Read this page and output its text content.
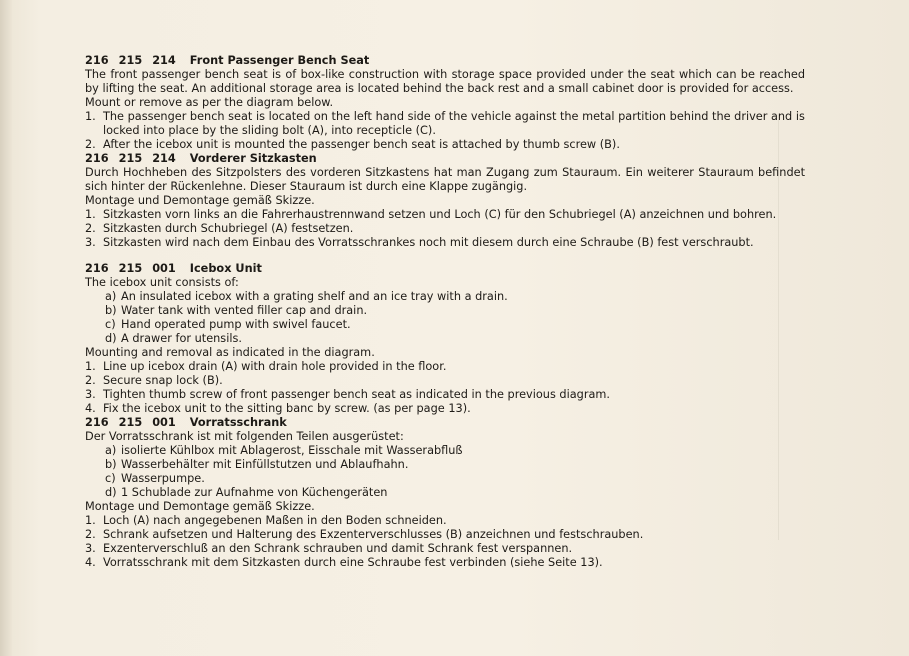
216 215 214 Front Passenger Bench Seat

The front passenger bench seat is of box-like construction with storage space provided under the seat which can be reached by lifting the seat. An additional storage area is located behind the back rest and a small cabinet door is provided for access.

Mount or remove as per the diagram below.

1. The passenger bench seat is located on the left hand side of the vehicle against the metal partition behind the driver and is locked into place by the sliding bolt (A), into recepticle (C).
2. After the icebox unit is mounted the passenger bench seat is attached by thumb screw (B).
216 215 214 Vorderer Sitzkasten

Durch Hochheben des Sitzpolsters des vorderen Sitzkastens hat man Zugang zum Stauraum. Ein weiterer Stauraum befindet sich hinter der Rückenlehne. Dieser Stauraum ist durch eine Klappe zugängig.

Montage und Demontage gemäß Skizze.

1. Sitzkasten vorn links an die Fahrerhaustrennwand setzen und Loch (C) für den Schubriegel (A) anzeichnen und bohren.
2. Sitzkasten durch Schubriegel (A) festsetzen.
3. Sitzkasten wird nach dem Einbau des Vorratsschrankes noch mit diesem durch eine Schraube (B) fest verschraubt.
216 215 001 Icebox Unit

The icebox unit consists of:

a) An insulated icebox with a grating shelf and an ice tray with a drain.
b) Water tank with vented filler cap and drain.
c) Hand operated pump with swivel faucet.
d) A drawer for utensils.

Mounting and removal as indicated in the diagram.

1. Line up icebox drain (A) with drain hole provided in the floor.
2. Secure snap lock (B).
3. Tighten thumb screw of front passenger bench seat as indicated in the previous diagram.
4. Fix the icebox unit to the sitting banc by screw. (as per page 13).
216 215 001 Vorratsschrank

Der Vorratsschrank ist mit folgenden Teilen ausgerüstet:

a) isolierte Kühlbox mit Ablagerost, Eisschale mit Wasserabfluß
b) Wasserbehälter mit Einfüllstutzen und Ablaufhahn.
c) Wasserpumpe.
d) 1 Schublade zur Aufnahme von Küchengeräten

Montage und Demontage gemäß Skizze.

1. Loch (A) nach angegebenen Maßen in den Boden schneiden.
2. Schrank aufsetzen und Halterung des Exzenterverschlusses (B) anzeichnen und festschrauben.
3. Exzenterverschluß an den Schrank schrauben und damit Schrank fest verspannen.
4. Vorratsschrank mit dem Sitzkasten durch eine Schraube fest verbinden (siehe Seite 13).
